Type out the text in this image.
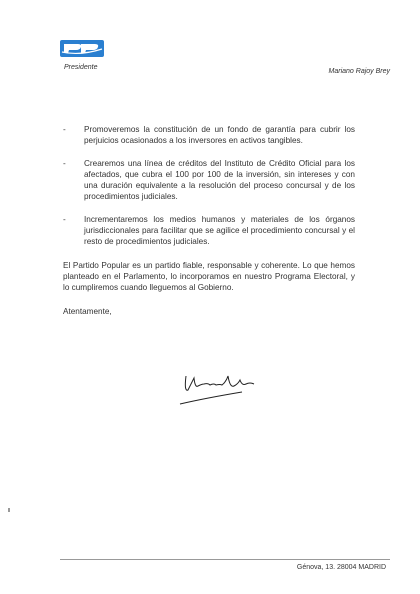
Presidente
Mariano Rajoy Brey
- Promoveremos la constitución de un fondo de garantía para cubrir los perjuicios ocasionados a los inversores en activos tangibles.
- Crearemos una línea de créditos del Instituto de Crédito Oficial para los afectados, que cubra el 100 por 100 de la inversión, sin intereses y con una duración equivalente a la resolución del proceso concursal y de los procedimientos judiciales.
- Incrementaremos los medios humanos y materiales de los órganos jurisdiccionales para facilitar que se agilice el procedimiento concursal y el resto de procedimientos judiciales.
El Partido Popular es un partido fiable, responsable y coherente. Lo que hemos planteado en el Parlamento, lo incorporamos en nuestro Programa Electoral, y lo cumpliremos cuando lleguemos al Gobierno.
Atentamente,
Génova, 13. 28004 MADRID
